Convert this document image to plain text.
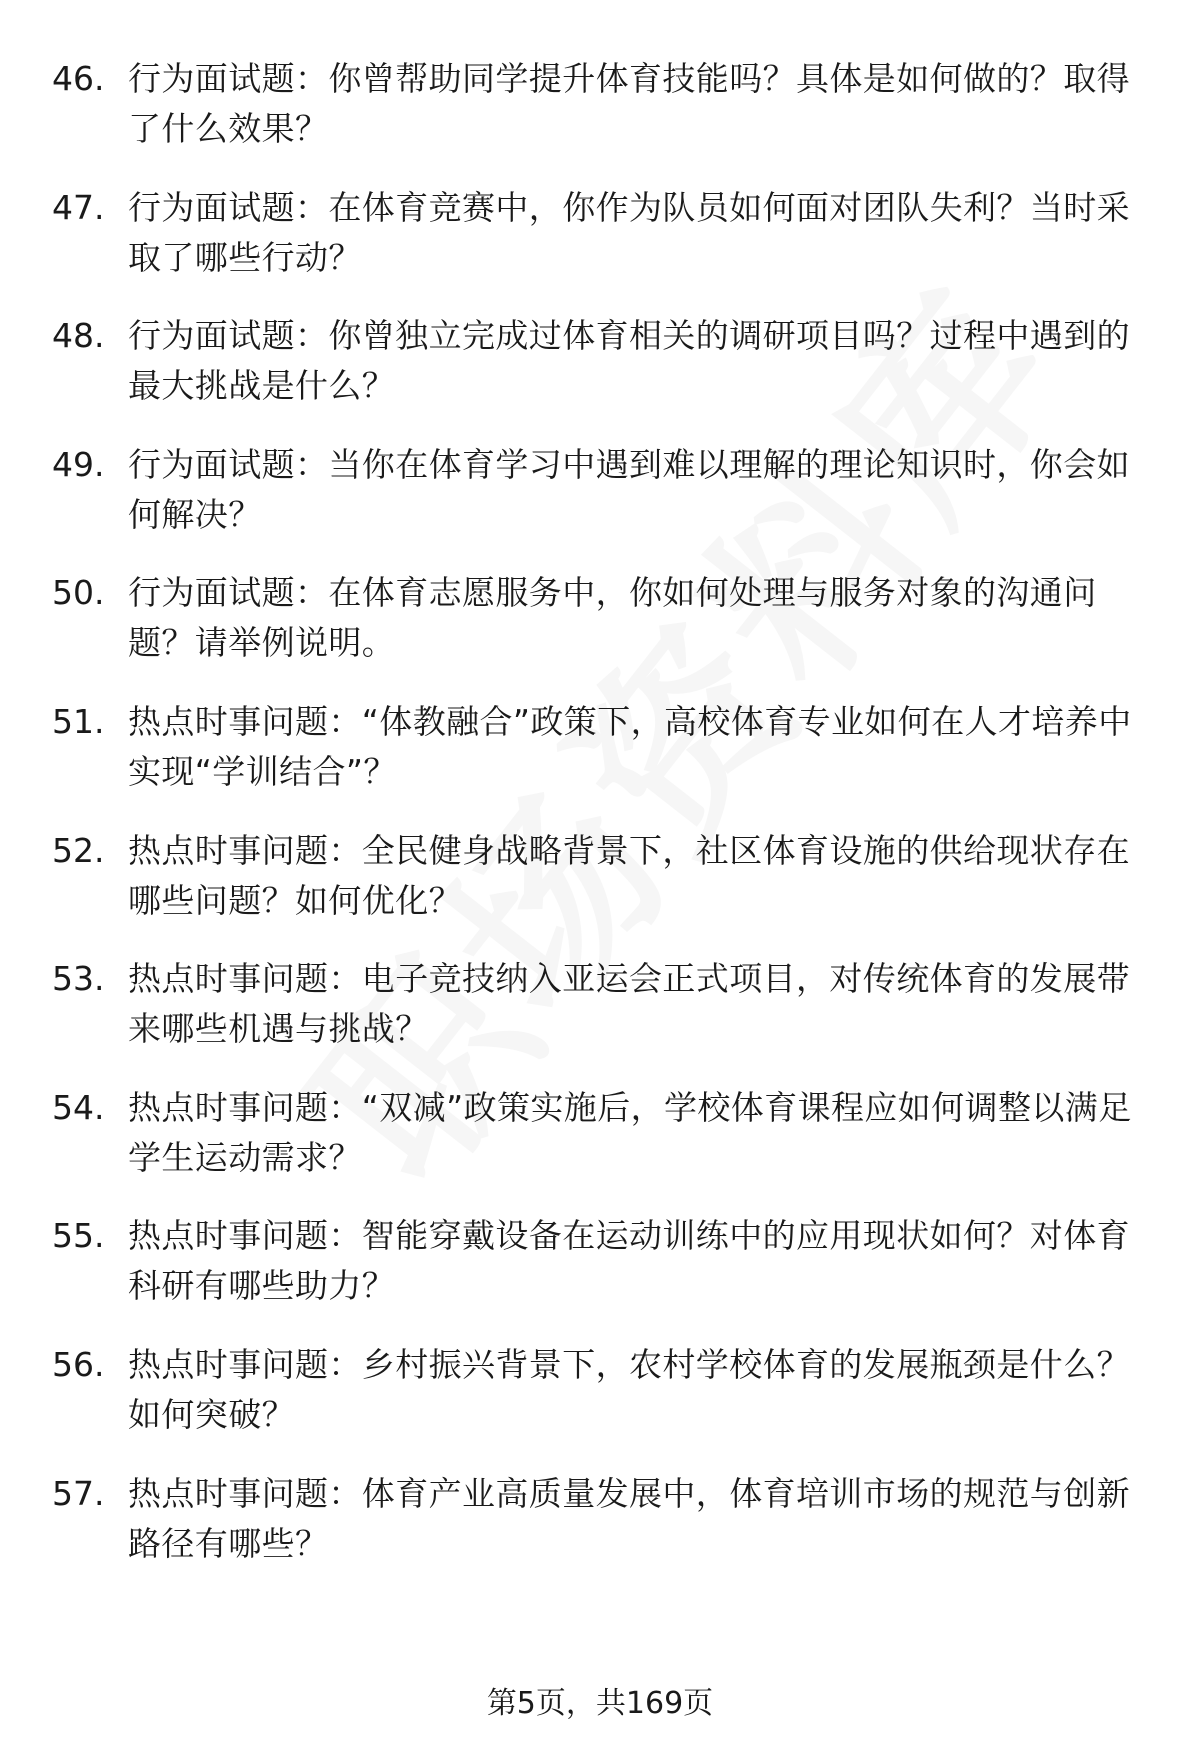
46. 行为面试题：你曾帮助同学提升体育技能吗？具体是如何做的？取得了什么效果？
47. 行为面试题：在体育竞赛中，你作为队员如何面对团队失利？当时采取了哪些行动？
48. 行为面试题：你曾独立完成过体育相关的调研项目吗？过程中遇到的最大挑战是什么？
49. 行为面试题：当你在体育学习中遇到难以理解的理论知识时，你会如何解决？
50. 行为面试题：在体育志愿服务中，你如何处理与服务对象的沟通问题？请举例说明。
51. 热点时事问题：“体教融合”政策下，高校体育专业如何在人才培养中实现“学训结合”？
52. 热点时事问题：全民健身战略背景下，社区体育设施的供给现状存在哪些问题？如何优化？
53. 热点时事问题：电子竞技纳入亚运会正式项目，对传统体育的发展带来哪些机遇与挑战？
54. 热点时事问题：“双减”政策实施后，学校体育课程应如何调整以满足学生运动需求？
55. 热点时事问题：智能穿戴设备在运动训练中的应用现状如何？对体育科研有哪些助力？
56. 热点时事问题：乡村振兴背景下，农村学校体育的发展瓶颈是什么？如何突破？
57. 热点时事问题：体育产业高质量发展中，体育培训市场的规范与创新路径有哪些？
第5页，共169页
